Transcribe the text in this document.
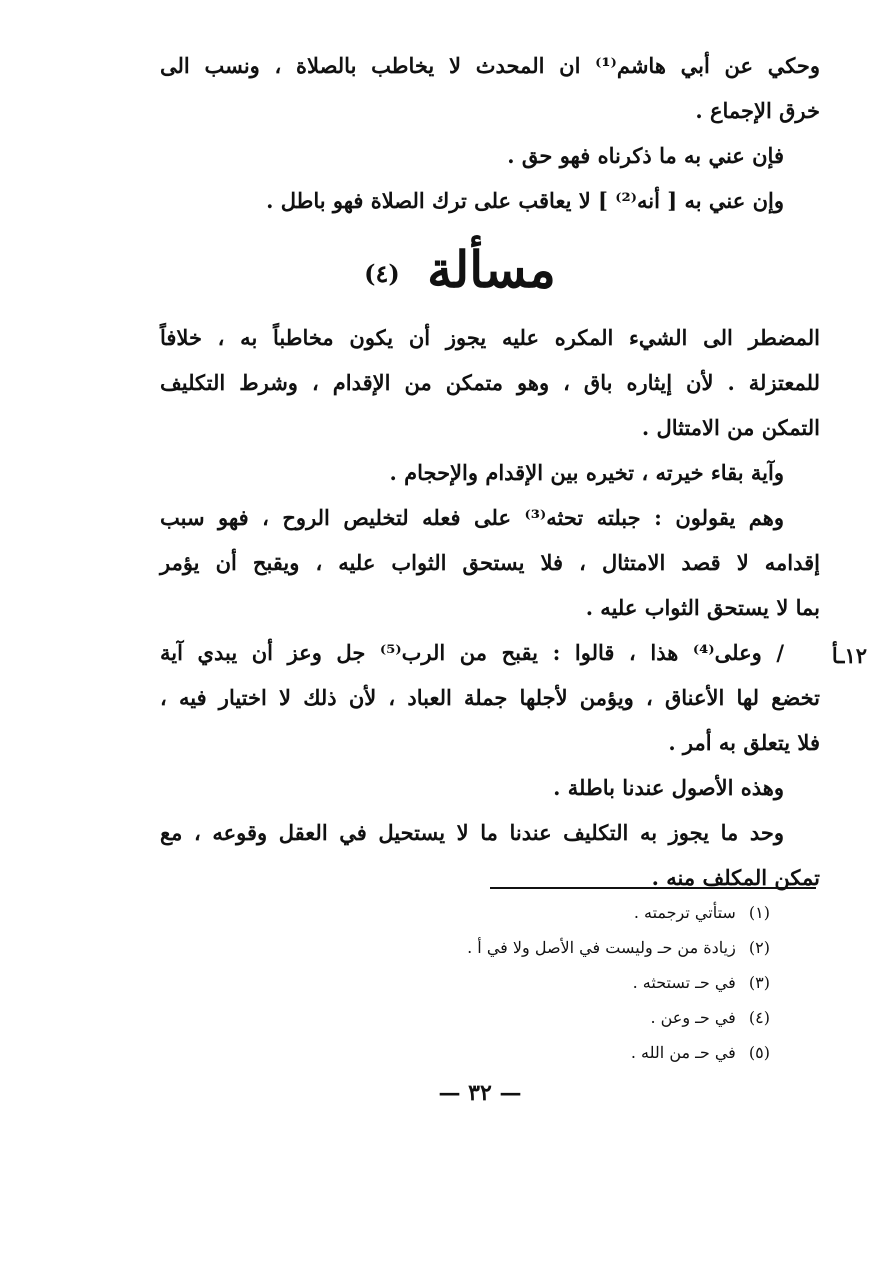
وحكي عن أبي هاشم⁽¹⁾ ان المحدث لا يخاطب بالصلاة ، ونسب الى
خرق الإجماع .
فإن عني به ما ذكرناه فهو حق .
وإن عني به [ أنه⁽²⁾ ] لا يعاقب على ترك الصلاة فهو باطل .
مسألة (٤)
المضطر الى الشيء المكره عليه يجوز أن يكون مخاطباً به ، خلافاً
للمعتزلة . لأن إيثاره باق ، وهو متمكن من الإقدام ، وشرط التكليف
التمكن من الامتثال .
وآية بقاء خيرته ، تخيره بين الإقدام والإحجام .
وهم يقولون : جبلته تحثه⁽³⁾ على فعله لتخليص الروح ، فهو سبب
إقدامه لا قصد الامتثال ، فلا يستحق الثواب عليه ، ويقبح أن يؤمر
بما لا يستحق الثواب عليه .
/ وعلى⁽⁴⁾ هذا ، قالوا : يقبح من الرب⁽⁵⁾ جل وعز أن يبدي آية
تخضع لها الأعناق ، ويؤمن لأجلها جملة العباد ، لأن ذلك لا اختيار فيه ،
فلا يتعلق به أمر .
وهذه الأصول عندنا باطلة .
وحد ما يجوز به التكليف عندنا ما لا يستحيل في العقل وقوعه ، مع
تمكن المكلف منه .
١٢ـأ
(١) ستأتي ترجمته .
(٢) زيادة من حـ وليست في الأصل ولا في أ .
(٣) في حـ تستحثه .
(٤) في حـ وعن .
(٥) في حـ من الله .
— ٣٢ —
